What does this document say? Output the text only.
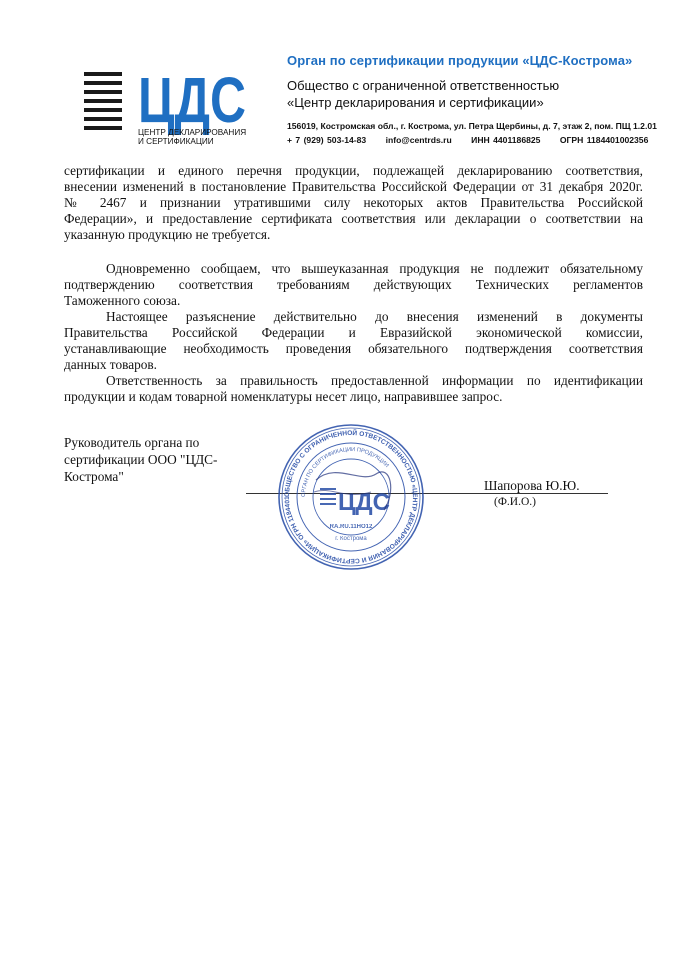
ЦДС
ЦЕНТР ДЕКЛАРИРОВАНИЯ
И СЕРТИФИКАЦИИ
Орган по сертификации продукции «ЦДС-Кострома»
Общество с ограниченной ответственностью
«Центр декларирования и сертификации»
156019, Костромская обл., г. Кострома, ул. Петра Щербины, д. 7, этаж 2, пом. ПЩ 1.2.01
+ 7 (929) 503-14-83 info@centrds.ru ИНН 4401186825 ОГРН 1184401002356
сертификации и единого перечня продукции, подлежащей декларированию соответствия,
внесении изменений в постановление Правительства Российской Федерации от 31 декабря 2020г.
№ 2467 и признании утратившими силу некоторых актов Правительства Российской
Федерации», и предоставление сертификата соответствия или декларации о соответствии на
указанную продукцию не требуется.
Одновременно сообщаем, что вышеуказанная продукция не подлежит обязательному
подтверждению соответствия требованиям действующих Технических регламентов
Таможенного союза.
Настоящее разъяснение действительно до внесения изменений в документы
Правительства Российской Федерации и Евразийской экономической комиссии,
устанавливающие необходимость проведения обязательного подтверждения соответствия
данных товаров.
Ответственность за правильность предоставленной информации по идентификации
продукции и кодам товарной номенклатуры несет лицо, направившее запрос.
Руководитель органа по
сертификации ООО "ЦДС-
Кострома"
ОБЩЕСТВО С ОГРАНИЧЕННОЙ ОТВЕТСТВЕННОСТЬЮ «ЦЕНТР ДЕКЛАРИРОВАНИЯ И СЕРТИФИКАЦИИ» ОГРН 1184401
ОРГАН ПО СЕРТИФИКАЦИИ ПРОДУКЦИИ
ЦДС
RA.RU.11НО12
г. Кострома
Шапорова Ю.Ю.
(Ф.И.О.)
